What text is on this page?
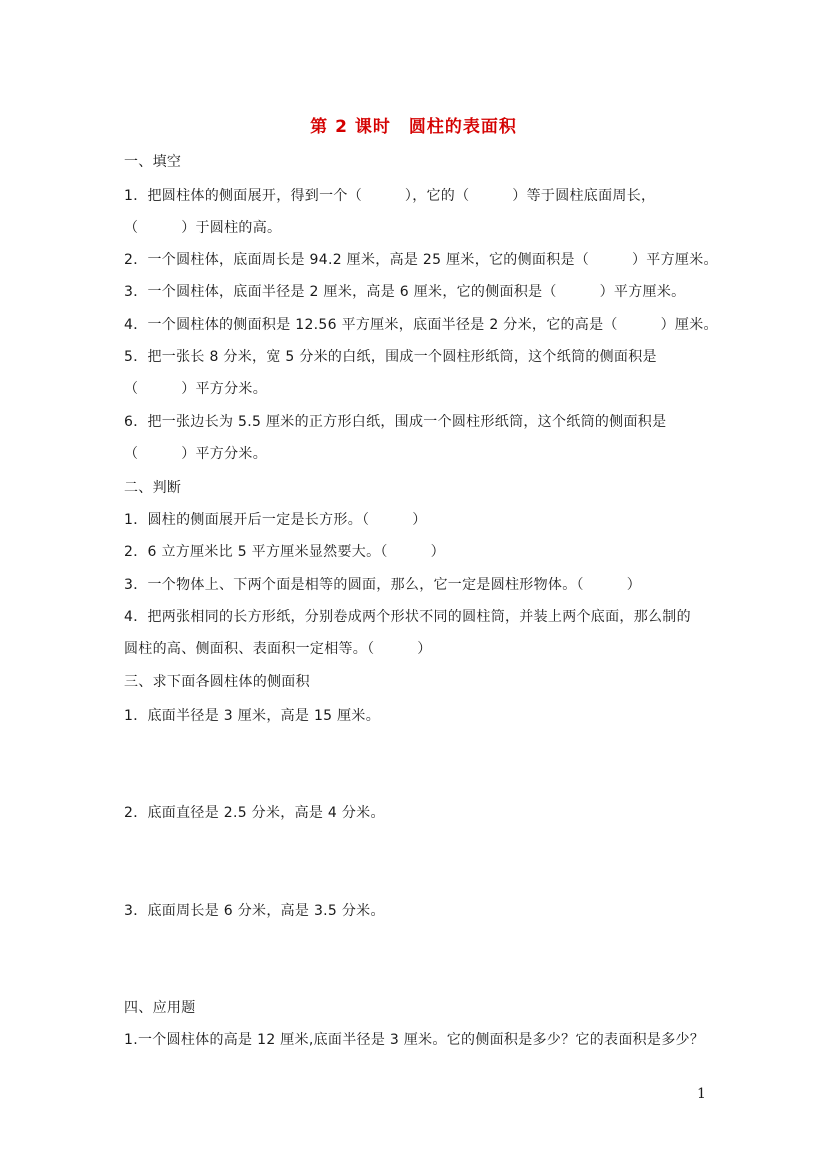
第 2 课时　圆柱的表面积
一、填空
1．把圆柱体的侧面展开，得到一个（　　　），它的（　　　）等于圆柱底面周长，
（　　　）于圆柱的高。
2．一个圆柱体，底面周长是 94.2 厘米，高是 25 厘米，它的侧面积是（　　　）平方厘米。
3．一个圆柱体，底面半径是 2 厘米，高是 6 厘米，它的侧面积是（　　　）平方厘米。
4．一个圆柱体的侧面积是 12.56 平方厘米，底面半径是 2 分米，它的高是（　　　）厘米。
5．把一张长 8 分米，宽 5 分米的白纸，围成一个圆柱形纸筒，这个纸筒的侧面积是
（　　　）平方分米。
6．把一张边长为 5.5 厘米的正方形白纸，围成一个圆柱形纸筒，这个纸筒的侧面积是
（　　　）平方分米。
二、判断
1．圆柱的侧面展开后一定是长方形。（　　　）
2．6 立方厘米比 5 平方厘米显然要大。（　　　）
3．一个物体上、下两个面是相等的圆面，那么，它一定是圆柱形物体。（　　　）
4．把两张相同的长方形纸，分别卷成两个形状不同的圆柱筒，并装上两个底面，那么制的
圆柱的高、侧面积、表面积一定相等。（　　　）
三、求下面各圆柱体的侧面积
1．底面半径是 3 厘米，高是 15 厘米。
2．底面直径是 2.5 分米，高是 4 分米。
3．底面周长是 6 分米，高是 3.5 分米。
四、应用题
1.一个圆柱体的高是 12 厘米,底面半径是 3 厘米。它的侧面积是多少？它的表面积是多少？
1
